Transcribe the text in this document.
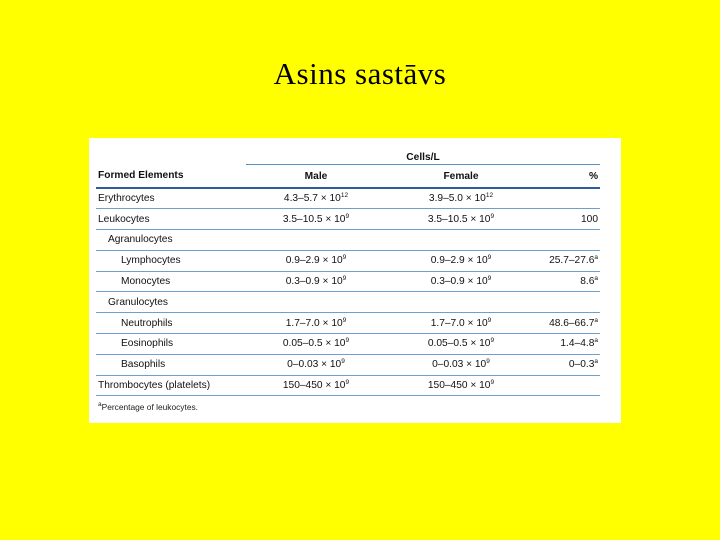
Asins sastāvs
	Cells/L		
Formed Elements	Male	Female	%
Erythrocytes	$4.3-5.7 \times 10^{12}$	$3.9-5.0 \times 10^{12}$	
Leukocytes	$3.5-10.5 \times 10^9$	$3.5-10.5 \times 10^9$	100
Agranulocytes			
Lymphocytes	$0.9-2.9 \times 10^9$	$0.9-2.9 \times 10^9$	25.7–27.6$^a$
Monocytes	$0.3-0.9 \times 10^9$	$0.3-0.9 \times 10^9$	8.6$^a$
Granulocytes			
Neutrophils	$1.7-7.0 \times 10^9$	$1.7-7.0 \times 10^9$	48.6–66.7$^a$
Eosinophils	$0.05-0.5 \times 10^9$	$0.05-0.5 \times 10^9$	1.4–4.8$^a$
Basophils	$0-0.03 \times 10^9$	$0-0.03 \times 10^9$	0–0.3$^a$
Thrombocytes (platelets)	$150-450 \times 10^9$	$150-450 \times 10^9$	
$^a$Percentage of leukocytes.
